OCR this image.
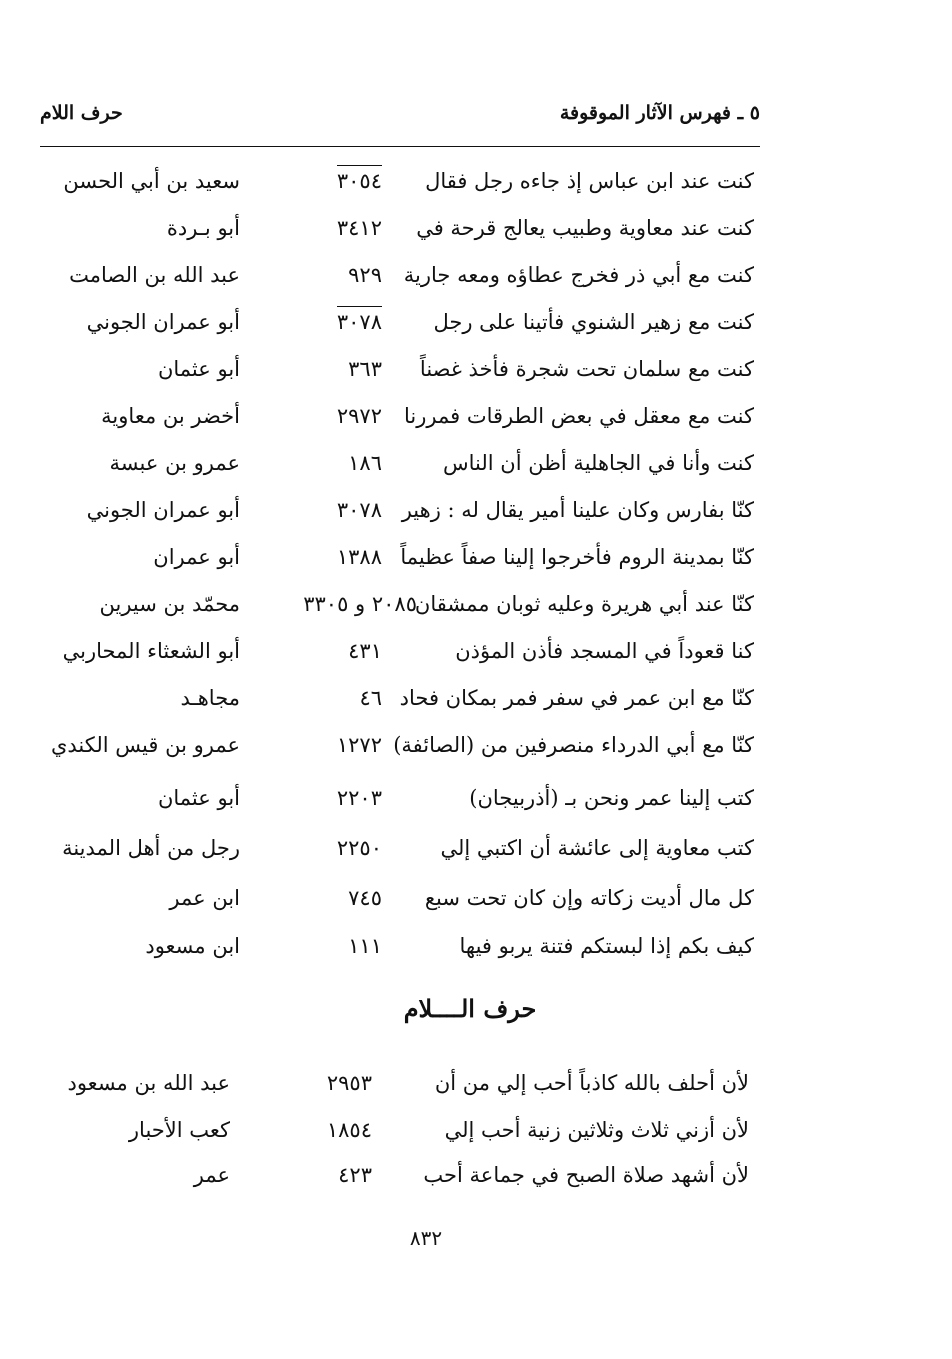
٥ ـ فهرس الآثار الموقوفة
حرف اللام
كنت عند ابن عباس إذ جاءه رجل فقال
٣٠٥٤
سعيد بن أبي الحسن
كنت عند معاوية وطبيب يعالج قرحة في
٣٤١٢
أبو بـردة
كنت مع أبي ذر فخرج عطاؤه ومعه جارية
٩٢٩
عبد الله بن الصامت
كنت مع زهير الشنوي فأتينا على رجل
٣٠٧٨
أبو عمران الجوني
كنت مع سلمان تحت شجرة فأخذ غصناً
٣٦٣
أبو عثمان
كنت مع معقل في بعض الطرقات فمررنا
٢٩٧٢
أخضر بن معاوية
كنت وأنا في الجاهلية أظن أن الناس
١٨٦
عمرو بن عبسة
كنّا بفارس وكان علينا أمير يقال له : زهير
٣٠٧٨
أبو عمران الجوني
كنّا بمدينة الروم فأخرجوا إلينا صفاً عظيماً
١٣٨٨
أبو عمران
كنّا عند أبي هريرة وعليه ثوبان ممشقان
٢٠٨٥ و ٣٣٠٥
محمّد بن سيرين
كنا قعوداً في المسجد فأذن المؤذن
٤٣١
أبو الشعثاء المحاربي
كنّا مع ابن عمر في سفر فمر بمكان فحاد
٤٦
مجاهـد
كنّا مع أبي الدرداء منصرفين من (الصائفة)
١٢٧٢
عمرو بن قيس الكندي
كتب إلينا عمر ونحن بـ (أذربيجان)
٢٢٠٣
أبو عثمان
كتب معاوية إلى عائشة أن اكتبي إلي
٢٢٥٠
رجل من أهل المدينة
كل مال أديت زكاته وإن كان تحت سبع
٧٤٥
ابن عمر
كيف بكم إذا لبستكم فتنة يربو فيها
١١١
ابن مسعود
حرف الــــلام
لأن أحلف بالله كاذباً أحب إلي من أن
٢٩٥٣
عبد الله بن مسعود
لأن أزني ثلاث وثلاثين زنية أحب إلي
١٨٥٤
كعب الأحبار
لأن أشهد صلاة الصبح في جماعة أحب
٤٢٣
عمر
٨٣٢
